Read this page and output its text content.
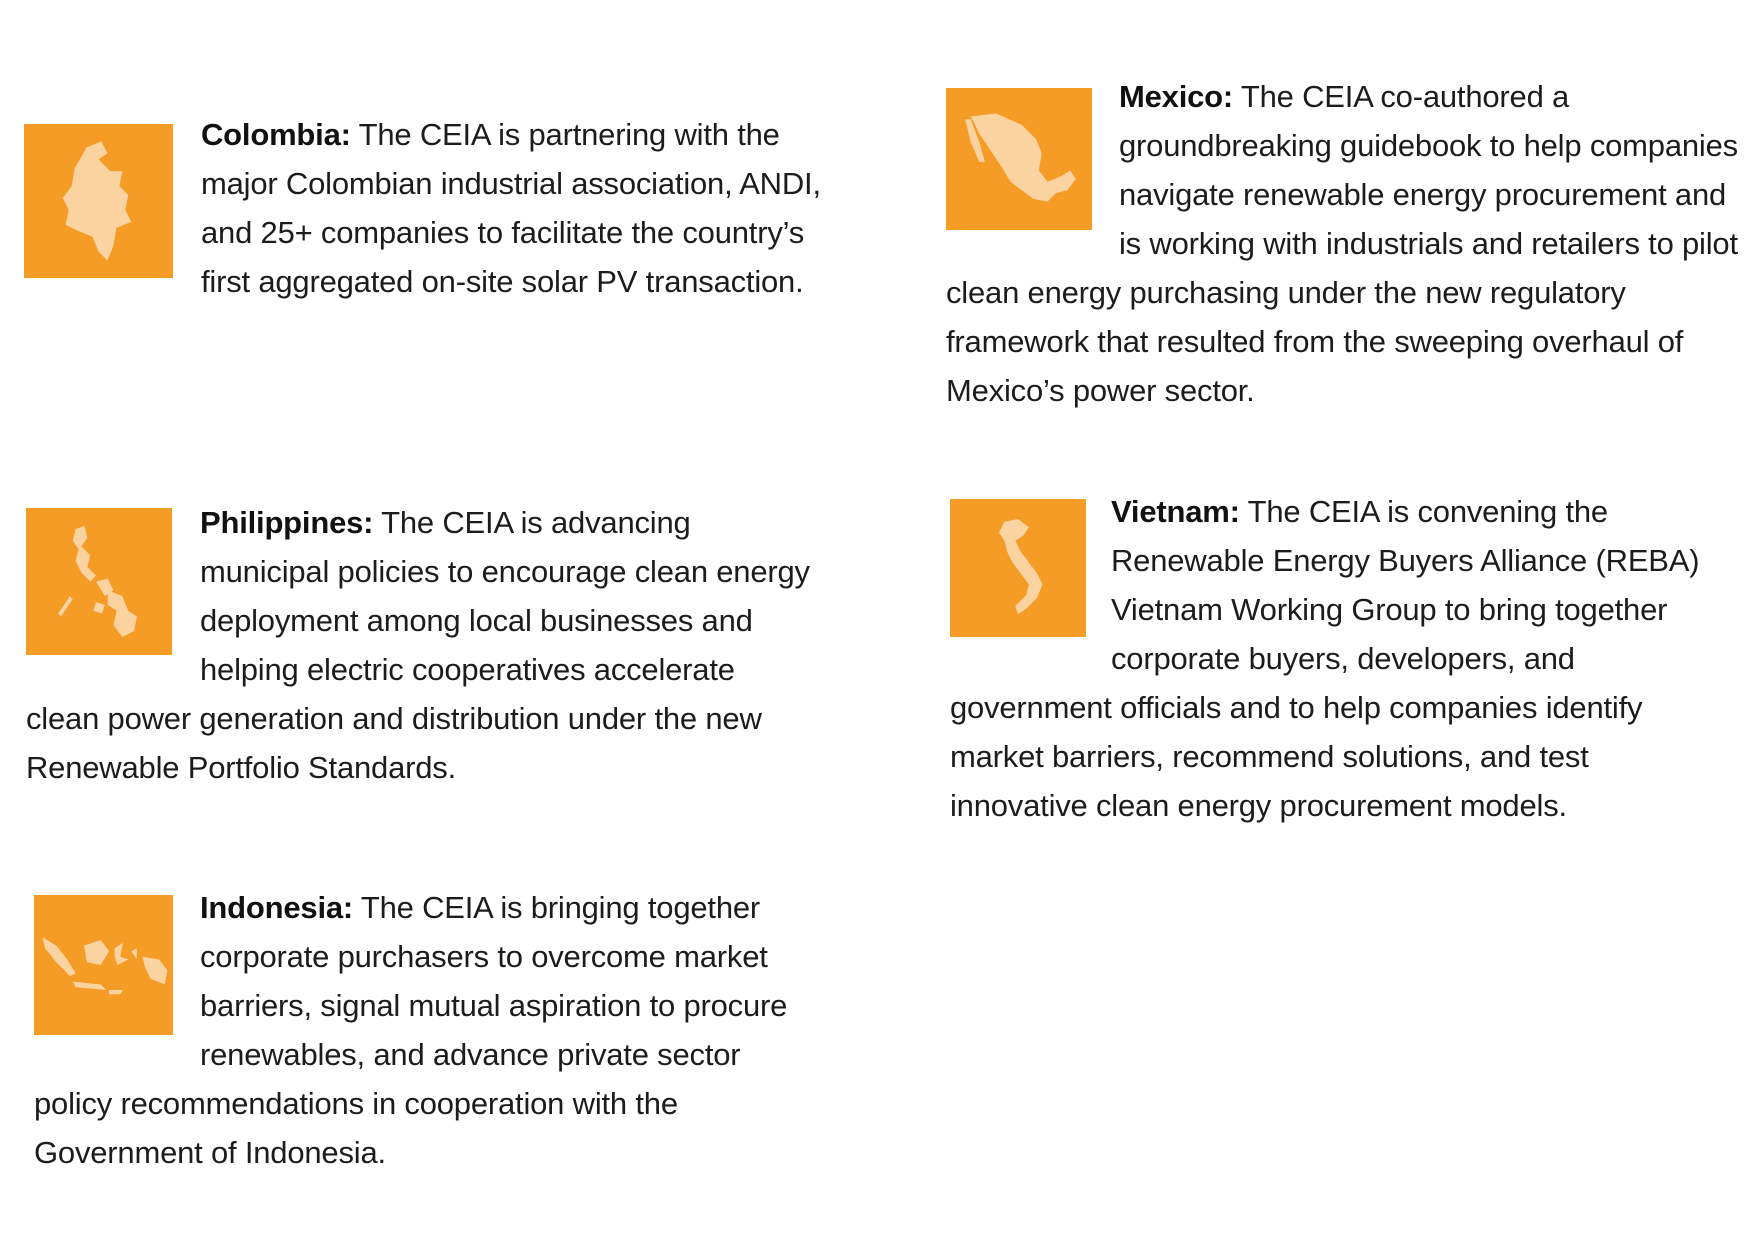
Colombia: The CEIA is partnering with the major Colombian industrial association, ANDI, and 25+ companies to facilitate the country’s first aggregated on-site solar PV transaction.

Philippines: The CEIA is advancing municipal policies to encourage clean energy deployment among local businesses and helping electric cooperatives accelerate clean power generation and distribution under the new Renewable Portfolio Standards.

Indonesia: The CEIA is bringing together corporate purchasers to overcome market barriers, signal mutual aspiration to procure renewables, and advance private sector policy recommendations in cooperation with the Government of Indonesia.

Mexico: The CEIA co-authored a groundbreaking guidebook to help companies navigate renewable energy procurement and is working with industrials and retailers to pilot clean energy purchasing under the new regulatory framework that resulted from the sweeping overhaul of Mexico’s power sector.

Vietnam: The CEIA is convening the Renewable Energy Buyers Alliance (REBA) Vietnam Working Group to bring together corporate buyers, developers, and government officials and to help companies identify market barriers, recommend solutions, and test innovative clean energy procurement models.
